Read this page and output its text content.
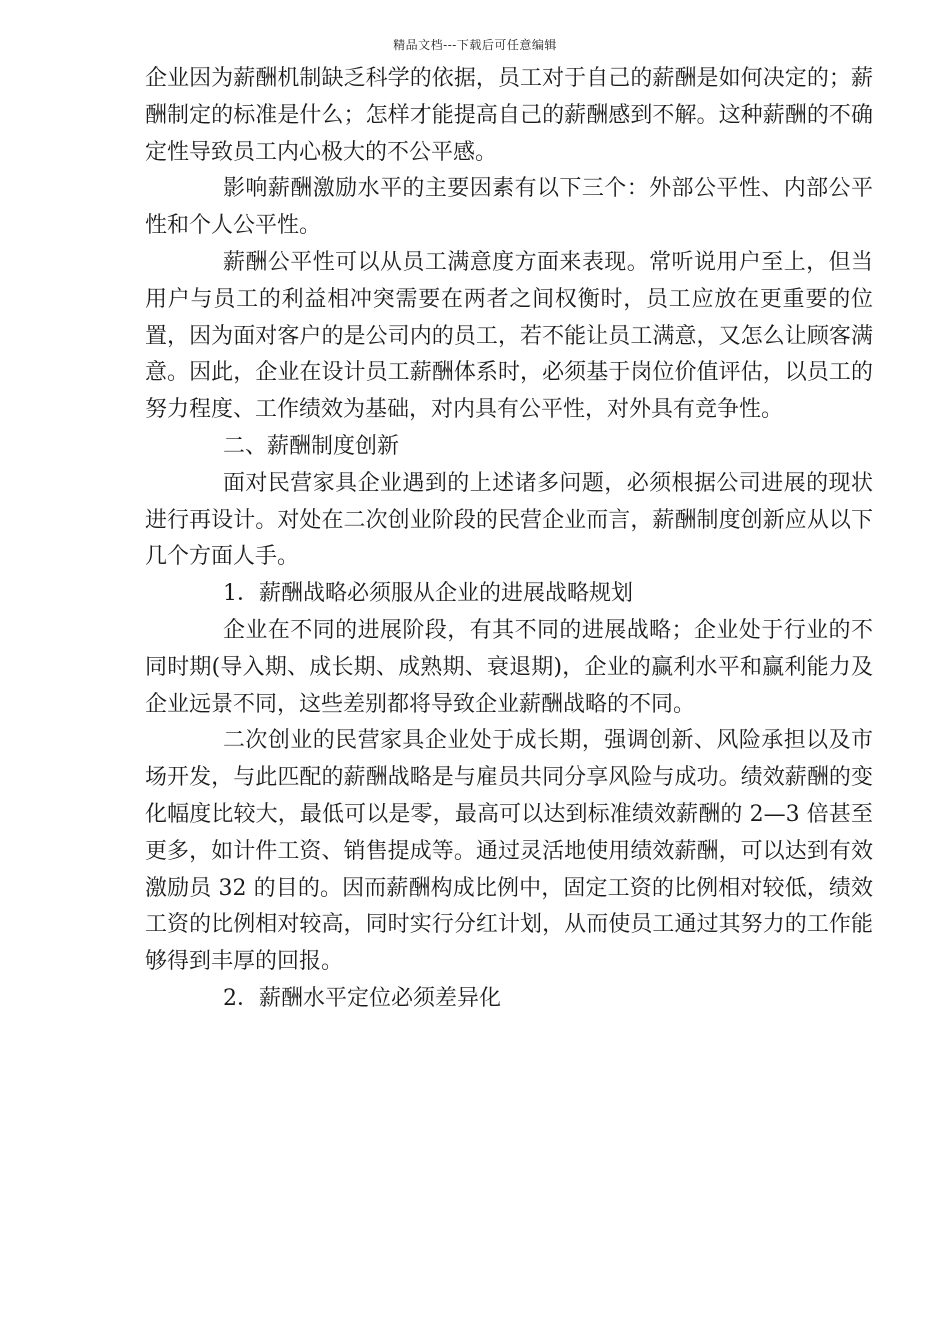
精品文档---下载后可任意编辑

企业因为薪酬机制缺乏科学的依据，员工对于自己的薪酬是如何决定的；薪酬制定的标准是什么；怎样才能提高自己的薪酬感到不解。这种薪酬的不确定性导致员工内心极大的不公平感。

影响薪酬激励水平的主要因素有以下三个：外部公平性、内部公平性和个人公平性。

薪酬公平性可以从员工满意度方面来表现。常听说用户至上，但当用户与员工的利益相冲突需要在两者之间权衡时，员工应放在更重要的位置，因为面对客户的是公司内的员工，若不能让员工满意，又怎么让顾客满意。因此，企业在设计员工薪酬体系时，必须基于岗位价值评估，以员工的努力程度、工作绩效为基础，对内具有公平性，对外具有竞争性。

二、薪酬制度创新

面对民营家具企业遇到的上述诸多问题，必须根据公司进展的现状进行再设计。对处在二次创业阶段的民营企业而言，薪酬制度创新应从以下几个方面人手。

1．薪酬战略必须服从企业的进展战略规划

企业在不同的进展阶段，有其不同的进展战略；企业处于行业的不同时期(导入期、成长期、成熟期、衰退期)，企业的赢利水平和赢利能力及企业远景不同，这些差别都将导致企业薪酬战略的不同。

二次创业的民营家具企业处于成长期，强调创新、风险承担以及市场开发，与此匹配的薪酬战略是与雇员共同分享风险与成功。绩效薪酬的变化幅度比较大，最低可以是零，最高可以达到标准绩效薪酬的 2—3 倍甚至更多，如计件工资、销售提成等。通过灵活地使用绩效薪酬，可以达到有效激励员 32 的目的。因而薪酬构成比例中，固定工资的比例相对较低，绩效工资的比例相对较高，同时实行分红计划，从而使员工通过其努力的工作能够得到丰厚的回报。

2．薪酬水平定位必须差异化
